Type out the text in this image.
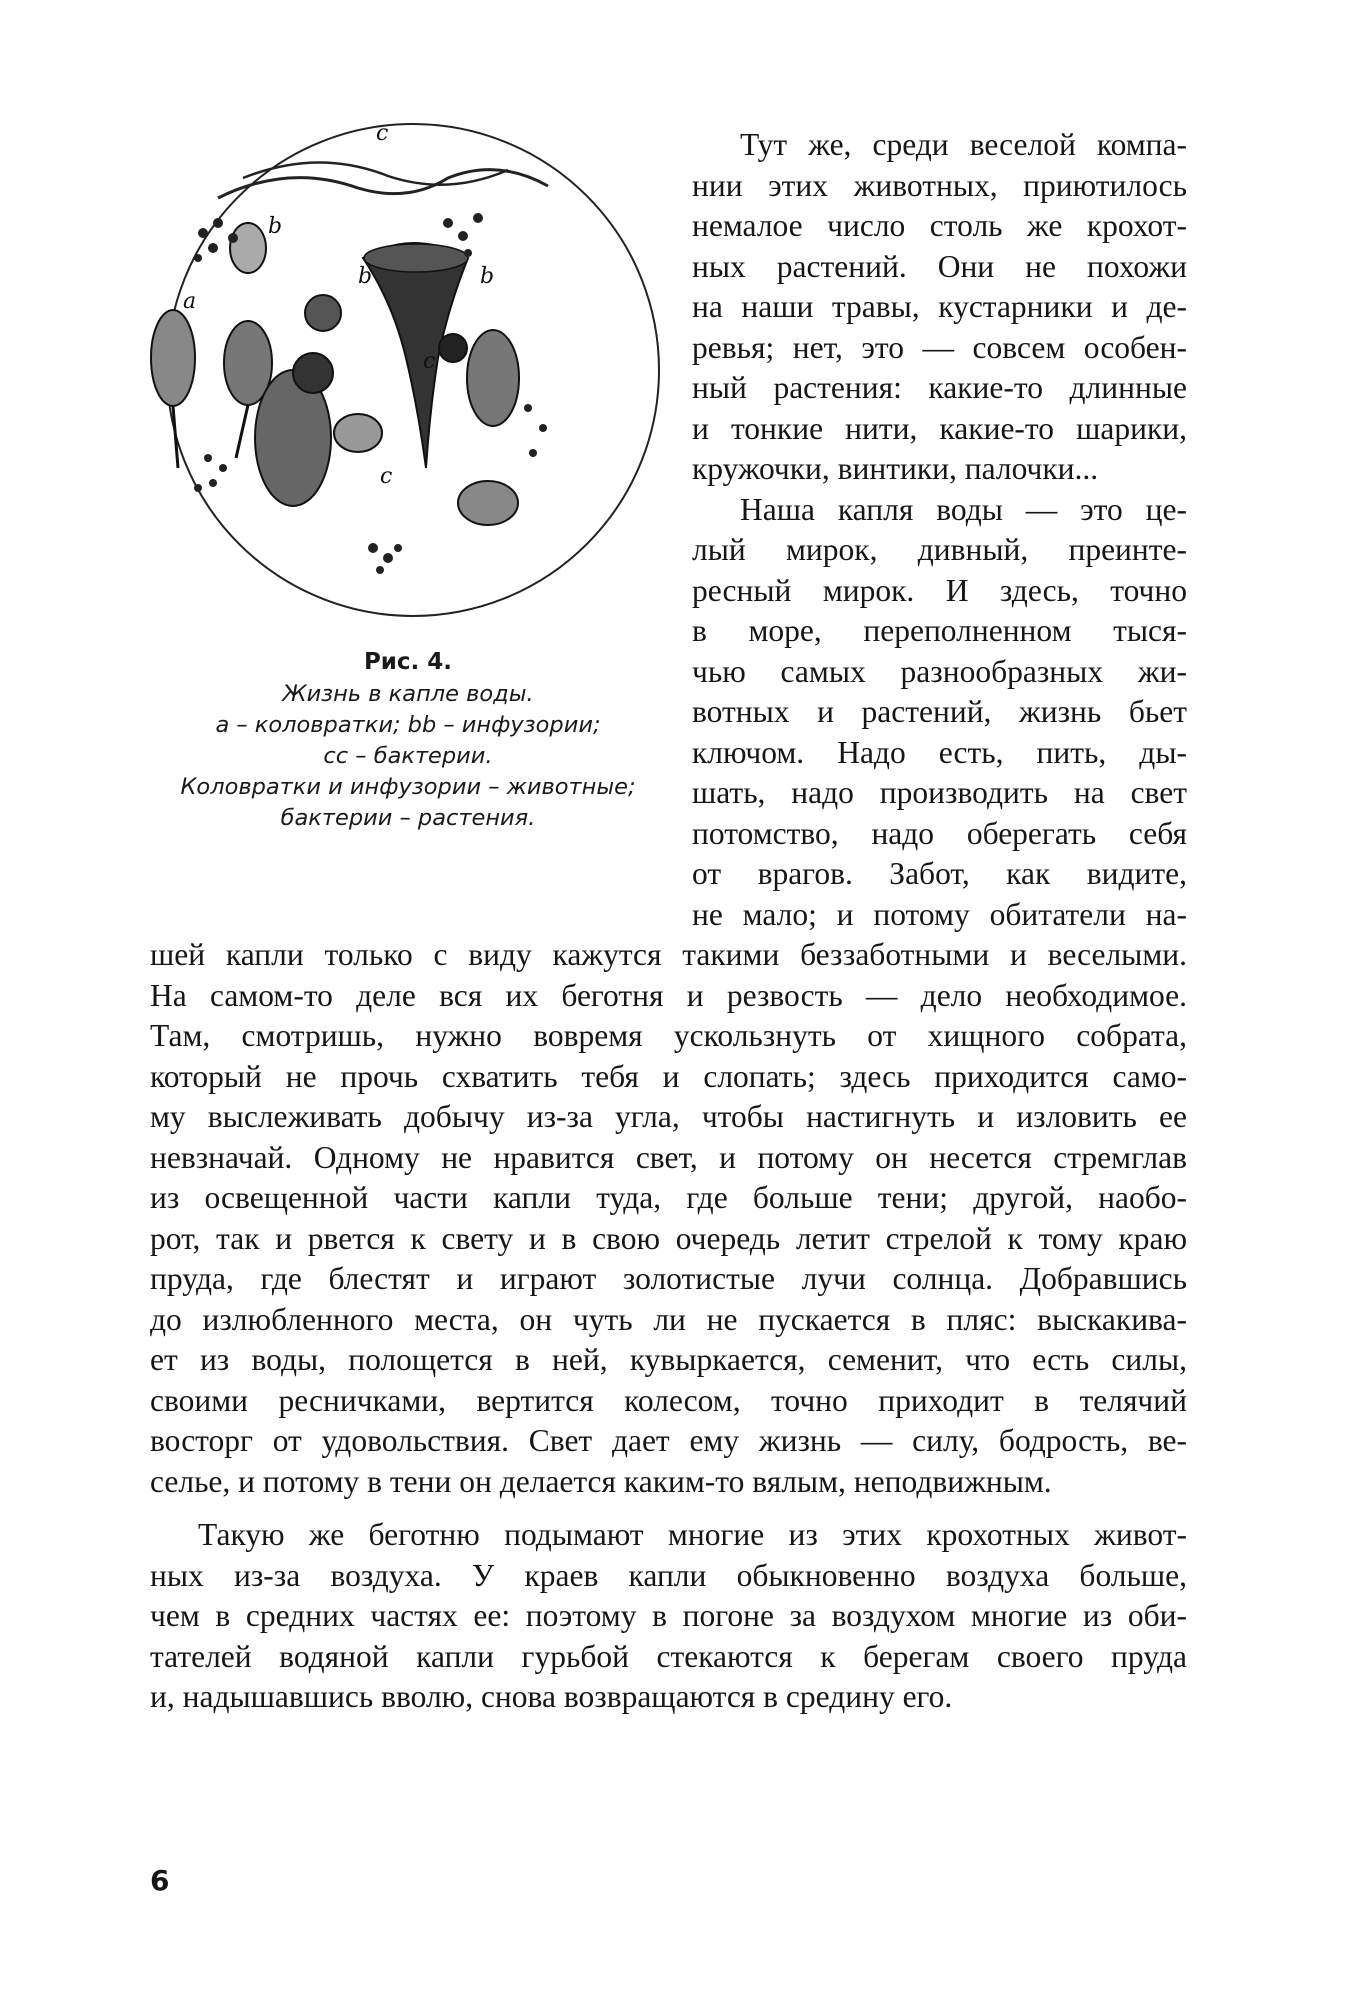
c
b
b	b
a
c
c
Рис. 4.
Жизнь в капле воды.
а – коловратки; bb – инфузории;
cc – бактерии.
Коловратки и инфузории – животные;
бактерии – растения.
Тут же, среди веселой компа-
нии этих животных, приютилось
немалое число столь же крохот-
ных растений. Они не похожи
на наши травы, кустарники и де-
ревья; нет, это — совсем особен-
ный растения: какие-то длинные
и тонкие нити, какие-то шарики,
кружочки, винтики, палочки...
Наша капля воды — это це-
лый мирок, дивный, преинте-
ресный мирок. И здесь, точно
в море, переполненном тыся-
чью самых разнообразных жи-
вотных и растений, жизнь бьет
ключом. Надо есть, пить, ды-
шать, надо производить на свет
потомство, надо оберегать себя
от врагов. Забот, как видите,
не мало; и потому обитатели на-
шей капли только с виду кажутся такими беззаботными и веселыми.
На самом-то деле вся их беготня и резвость — дело необходимое.
Там, смотришь, нужно вовремя ускользнуть от хищного собрата,
который не прочь схватить тебя и слопать; здесь приходится само-
му выслеживать добычу из-за угла, чтобы настигнуть и изловить ее
невзначай. Одному не нравится свет, и потому он несется стремглав
из освещенной части капли туда, где больше тени; другой, наобо-
рот, так и рвется к свету и в свою очередь летит стрелой к тому краю
пруда, где блестят и играют золотистые лучи солнца. Добравшись
до излюбленного места, он чуть ли не пускается в пляс: выскакива-
ет из воды, полощется в ней, кувыркается, семенит, что есть силы,
своими ресничками, вертится колесом, точно приходит в телячий
восторг от удовольствия. Свет дает ему жизнь — силу, бодрость, ве-
селье, и потому в тени он делается каким-то вялым, неподвижным.
Такую же беготню подымают многие из этих крохотных живот-
ных из-за воздуха. У краев капли обыкновенно воздуха больше,
чем в средних частях ее: поэтому в погоне за воздухом многие из оби-
тателей водяной капли гурьбой стекаются к берегам своего пруда
и, надышавшись вволю, снова возвращаются в средину его.
6
